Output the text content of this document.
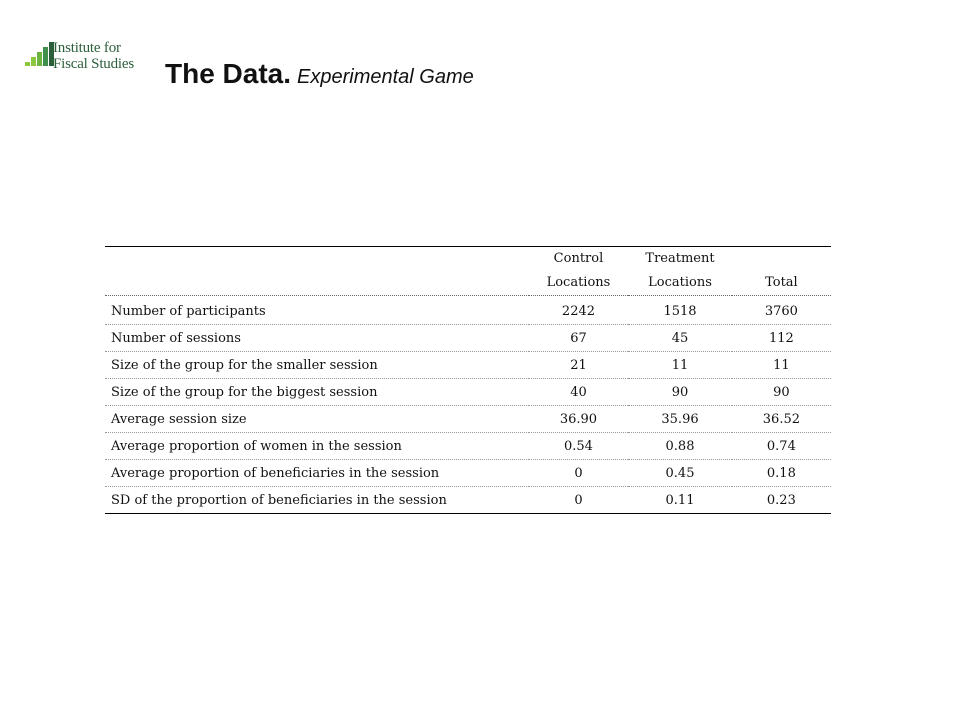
Institute for
Fiscal Studies The Data. Experimental Game
	Control	Treatment	
	Locations	Locations	Total
Number of participants	2242	1518	3760
Number of sessions	67	45	112
Size of the group for the smaller session	21	11	11
Size of the group for the biggest session	40	90	90
Average session size	36.90	35.96	36.52
Average proportion of women in the session	0.54	0.88	0.74
Average proportion of beneficiaries in the session	0	0.45	0.18
SD of the proportion of beneficiaries in the session	0	0.11	0.23
